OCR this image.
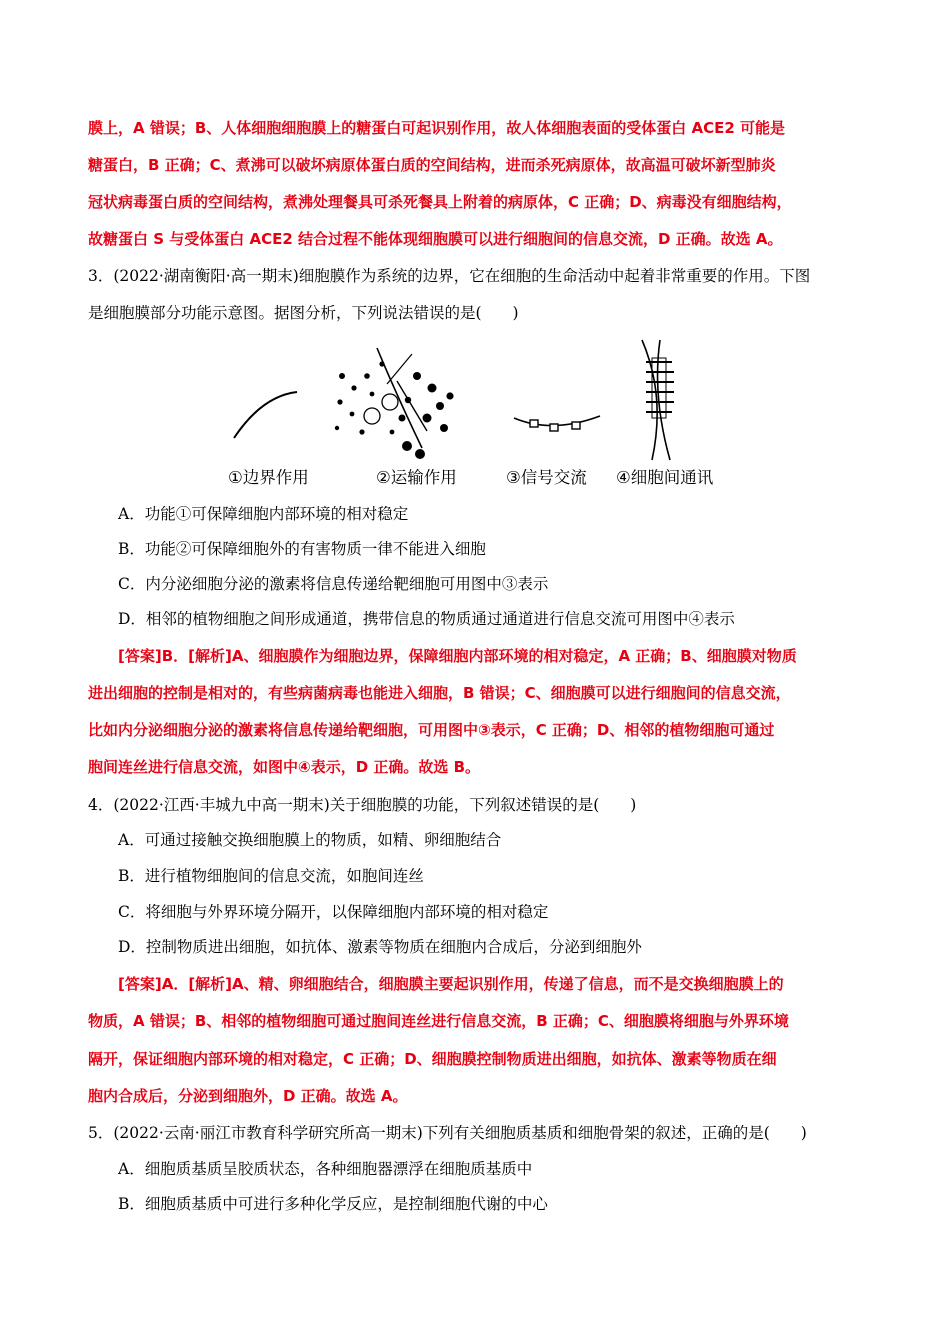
膜上，A 错误；B、人体细胞细胞膜上的糖蛋白可起识别作用，故人体细胞表面的受体蛋白 ACE2 可能是
糖蛋白，B 正确；C、煮沸可以破坏病原体蛋白质的空间结构，进而杀死病原体，故高温可破坏新型肺炎
冠状病毒蛋白质的空间结构，煮沸处理餐具可杀死餐具上附着的病原体，C 正确；D、病毒没有细胞结构，
故糖蛋白 S 与受体蛋白 ACE2 结合过程不能体现细胞膜可以进行细胞间的信息交流，D 正确。故选 A。
3．(2022·湖南衡阳·高一期末)细胞膜作为系统的边界，它在细胞的生命活动中起着非常重要的作用。下图
是细胞膜部分功能示意图。据图分析，下列说法错误的是(　　)
①边界作用	②运输作用	③信号交流 ④细胞间通讯
A．功能①可保障细胞内部环境的相对稳定
B．功能②可保障细胞外的有害物质一律不能进入细胞
C．内分泌细胞分泌的激素将信息传递给靶细胞可用图中③表示
D．相邻的植物细胞之间形成通道，携带信息的物质通过通道进行信息交流可用图中④表示
[答案]B．[解析]A、细胞膜作为细胞边界，保障细胞内部环境的相对稳定，A 正确；B、细胞膜对物质
进出细胞的控制是相对的，有些病菌病毒也能进入细胞，B 错误；C、细胞膜可以进行细胞间的信息交流，
比如内分泌细胞分泌的激素将信息传递给靶细胞，可用图中③表示，C 正确；D、相邻的植物细胞可通过
胞间连丝进行信息交流，如图中④表示，D 正确。故选 B。
4．(2022·江西·丰城九中高一期末)关于细胞膜的功能，下列叙述错误的是(　　)
A．可通过接触交换细胞膜上的物质，如精、卵细胞结合
B．进行植物细胞间的信息交流，如胞间连丝
C．将细胞与外界环境分隔开，以保障细胞内部环境的相对稳定
D．控制物质进出细胞，如抗体、激素等物质在细胞内合成后，分泌到细胞外
[答案]A．[解析]A、精、卵细胞结合，细胞膜主要起识别作用，传递了信息，而不是交换细胞膜上的
物质，A 错误；B、相邻的植物细胞可通过胞间连丝进行信息交流，B 正确；C、细胞膜将细胞与外界环境
隔开，保证细胞内部环境的相对稳定，C 正确；D、细胞膜控制物质进出细胞，如抗体、激素等物质在细
胞内合成后，分泌到细胞外，D 正确。故选 A。
5．(2022·云南·丽江市教育科学研究所高一期末)下列有关细胞质基质和细胞骨架的叙述，正确的是(　　)
A．细胞质基质呈胶质状态，各种细胞器漂浮在细胞质基质中
B．细胞质基质中可进行多种化学反应，是控制细胞代谢的中心
